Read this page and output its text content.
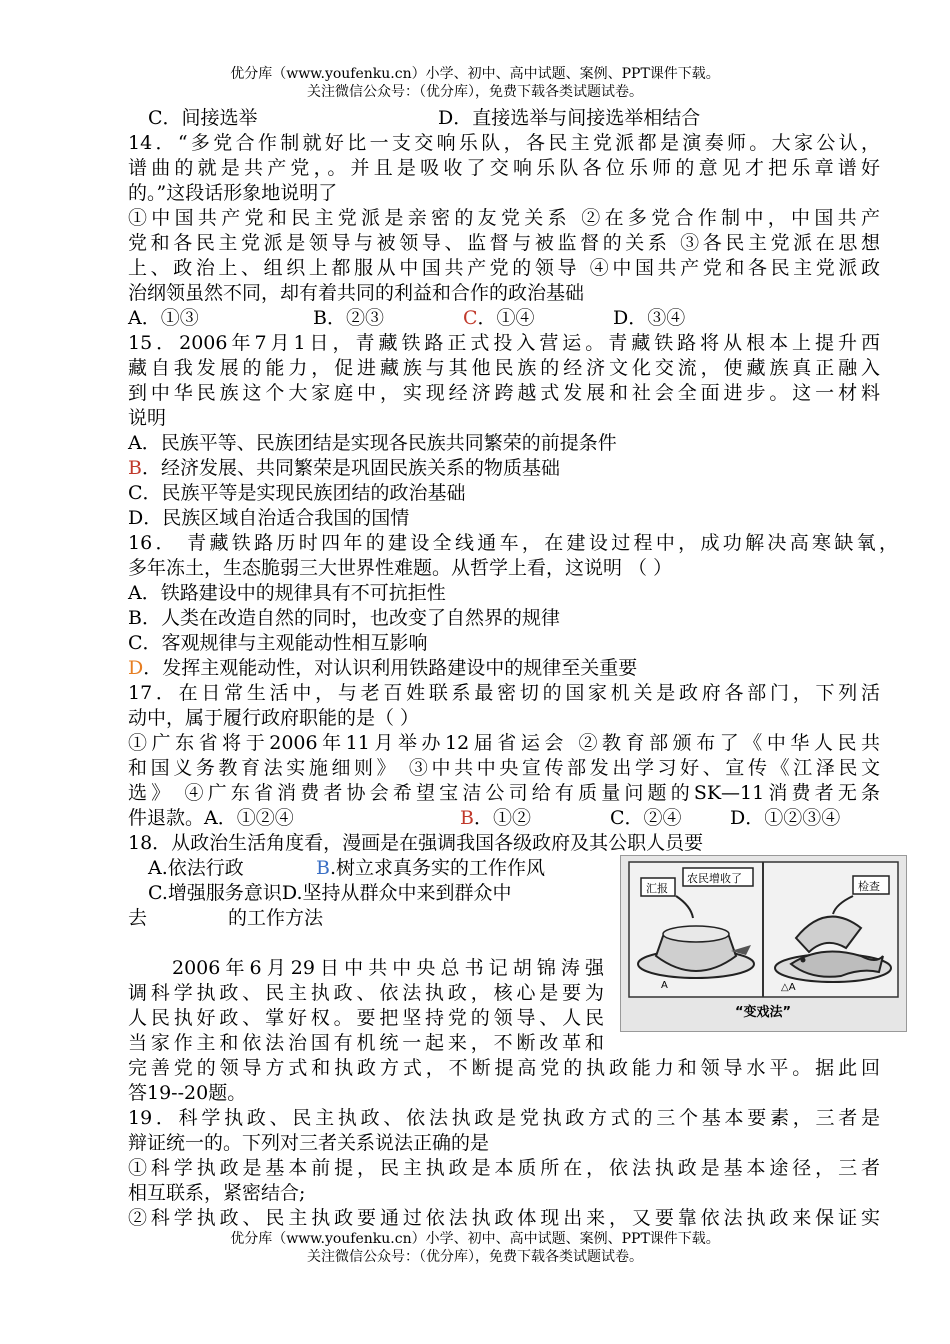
优分库（www.youfenku.cn）小学、初中、高中试题、案例、PPT课件下载。
关注微信公众号：（优分库），免费下载各类试题试卷。
C．间接选举	D．直接选举与间接选举相结合
14．“多党合作制就好比一支交响乐队，各民主党派都是演奏师。大家公认，
谱曲的就是共产党，。并且是吸收了交响乐队各位乐师的意见才把乐章谱好
的。”这段话形象地说明了
①中国共产党和民主党派是亲密的友党关系 ②在多党合作制中，中国共产
党和各民主党派是领导与被领导、监督与被监督的关系 ③各民主党派在思想
上、政治上、组织上都服从中国共产党的领导 ④中国共产党和各民主党派政
治纲领虽然不同，却有着共同的利益和合作的政治基础
A．①③	B．②③	C．①④	D．③④
15．2006年7月1日，青藏铁路正式投入营运。青藏铁路将从根本上提升西
藏自我发展的能力，促进藏族与其他民族的经济文化交流，使藏族真正融入
到中华民族这个大家庭中，实现经济跨越式发展和社会全面进步。这一材料
说明
A．民族平等、民族团结是实现各民族共同繁荣的前提条件
B．经济发展、共同繁荣是巩固民族关系的物质基础
C．民族平等是实现民族团结的政治基础
D．民族区域自治适合我国的国情
16． 青藏铁路历时四年的建设全线通车，在建设过程中，成功解决高寒缺氧，
多年冻土，生态脆弱三大世界性难题。从哲学上看，这说明 （ ）
A．铁路建设中的规律具有不可抗拒性
B．人类在改造自然的同时，也改变了自然界的规律
C．客观规律与主观能动性相互影响
D．发挥主观能动性，对认识利用铁路建设中的规律至关重要
17．在日常生活中，与老百姓联系最密切的国家机关是政府各部门，下列活
动中，属于履行政府职能的是（ ）
①广东省将于2006年11月举办12届省运会 ②教育部颁布了《中华人民共
和国义务教育法实施细则》 ③中共中央宣传部发出学习好、宣传《江泽民文
选》 ④广东省消费者协会希望宝洁公司给有质量问题的SK—11消费者无条
件退款。A．①②④	B．①②	C．②④	D．①②③④
18．从政治生活角度看，漫画是在强调我国各级政府及其公职人员要
A.依法行政	B.树立求真务实的工作作风
C.增强服务意识D.坚持从群众中来到群众中
去	的工作方法
汇报
农民增收了
A
检查
△A
“变戏法”
2006年6月29日中共中央总书记胡锦涛强
调科学执政、民主执政、依法执政，核心是要为
人民执好政、掌好权。要把坚持党的领导、人民
当家作主和依法治国有机统一起来，不断改革和
完善党的领导方式和执政方式，不断提高党的执政能力和领导水平。据此回
答19--20题。
19．科学执政、民主执政、依法执政是党执政方式的三个基本要素，三者是
辩证统一的。下列对三者关系说法正确的是
①科学执政是基本前提，民主执政是本质所在，依法执政是基本途径，三者
相互联系，紧密结合;
②科学执政、民主执政要通过依法执政体现出来，又要靠依法执政来保证实
优分库（www.youfenku.cn）小学、初中、高中试题、案例、PPT课件下载。
关注微信公众号：（优分库），免费下载各类试题试卷。
